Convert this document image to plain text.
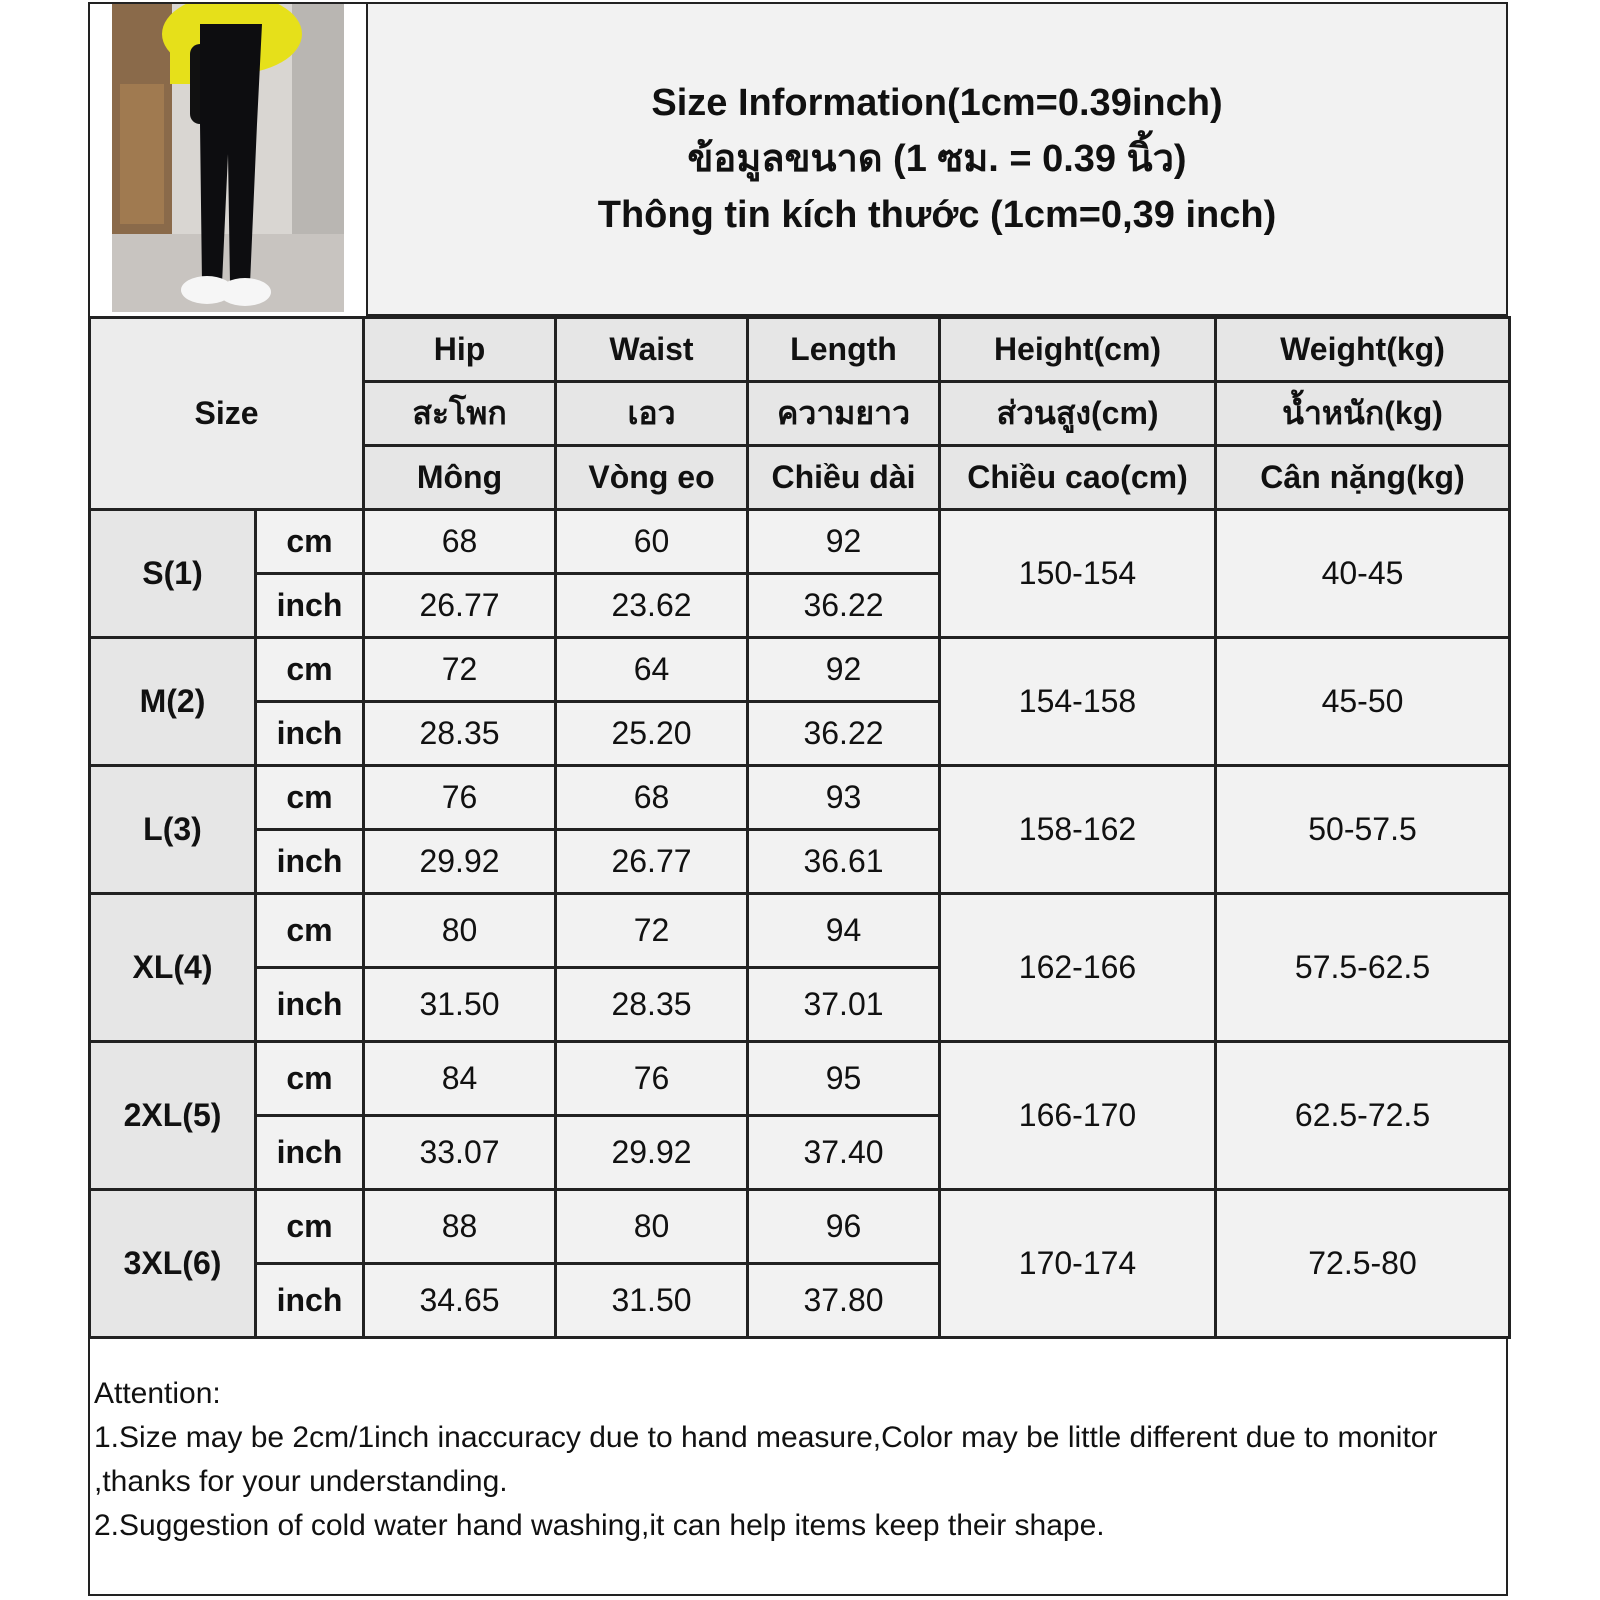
Size Information(1cm=0.39inch)
ข้อมูลขนาด (1 ซม. = 0.39 นิ้ว)
Thông tin kích thước (1cm=0,39 inch)
Size		Hip	Waist	Length	Height(cm)	Weight(kg)
		สะโพก	เอว	ความยาว	ส่วนสูง(cm)	น้ำหนัก(kg)
		Mông	Vòng eo	Chiều dài	Chiều cao(cm)	Cân nặng(kg)
S(1)	cm	68	60	92	150-154	40-45
	inch	26.77	23.62	36.22		
M(2)	cm	72	64	92	154-158	45-50
	inch	28.35	25.20	36.22		
L(3)	cm	76	68	93	158-162	50-57.5
	inch	29.92	26.77	36.61		
XL(4)	cm	80	72	94	162-166	57.5-62.5
	inch	31.50	28.35	37.01		
2XL(5)	cm	84	76	95	166-170	62.5-72.5
	inch	33.07	29.92	37.40		
3XL(6)	cm	88	80	96	170-174	72.5-80
	inch	34.65	31.50	37.80		
Attention:
1.Size may be 2cm/1inch inaccuracy due to hand measure,Color may be little different due to monitor ,thanks for your understanding.
2.Suggestion of cold water hand washing,it can help items keep their shape.
